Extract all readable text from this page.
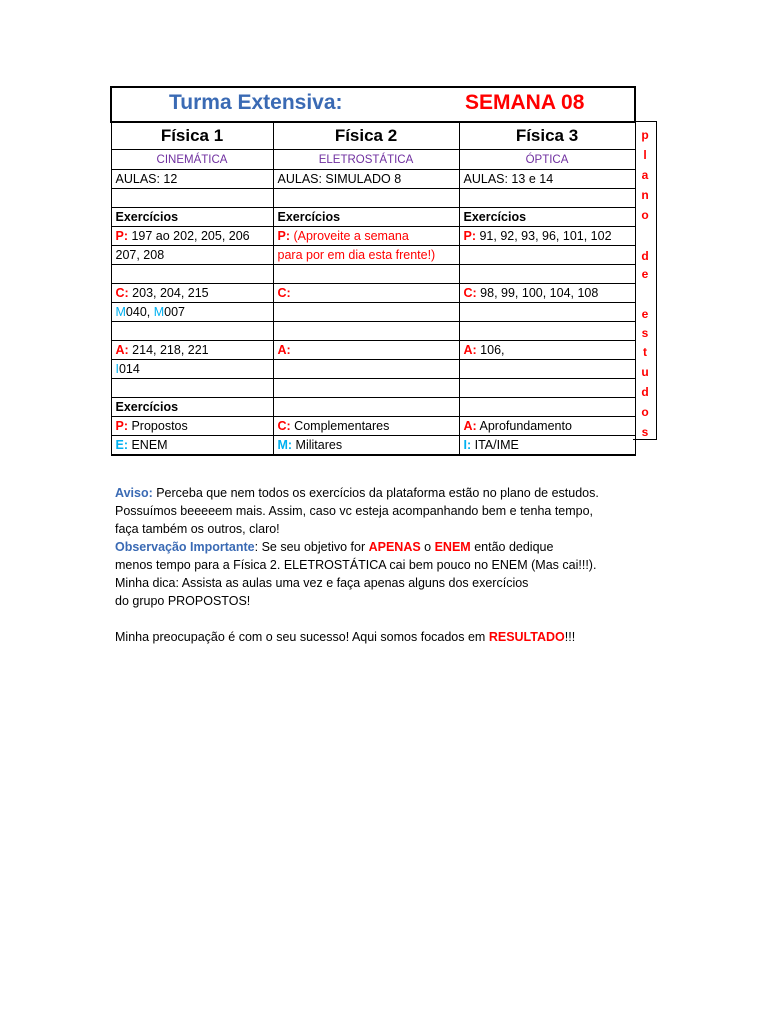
Turma Extensiva: SEMANA 08		

Física 1	Física 2	Física 3
CINEMÁTICA	ELETROSTÁTICA	ÓPTICA
AULAS: 12	AULAS: SIMULADO 8	AULAS: 13 e 14

Exercícios	Exercícios	Exercícios
P: 197 ao 202, 205, 206	P: (Aproveite a semana	P: 91, 92, 93, 96, 101, 102
207, 208	para por em dia esta frente!)	

C: 203, 204, 215	C:	C: 98, 99, 100, 104, 108
M040, M007		

A: 214, 218, 221	A:	A: 106,
I014		

Exercícios		
P: Propostos	C: Complementares	A: Aprofundamento
E: ENEM	M: Militares	I: ITA/IME
p
l
a
n
o
d
e
e
s
t
u
d
o
s

Aviso: Perceba que nem todos os exercícios da plataforma estão no plano de estudos.

Possuímos beeeeem mais. Assim, caso vc esteja acompanhando bem e tenha tempo,

faça também os outros, claro!

Observação Importante: Se seu objetivo for APENAS o ENEM então dedique

menos tempo para a Física 2. ELETROSTÁTICA cai bem pouco no ENEM (Mas cai!!!).

Minha dica: Assista as aulas uma vez e faça apenas alguns dos exercícios

do grupo PROPOSTOS!

Minha preocupação é com o seu sucesso! Aqui somos focados em RESULTADO!!!
